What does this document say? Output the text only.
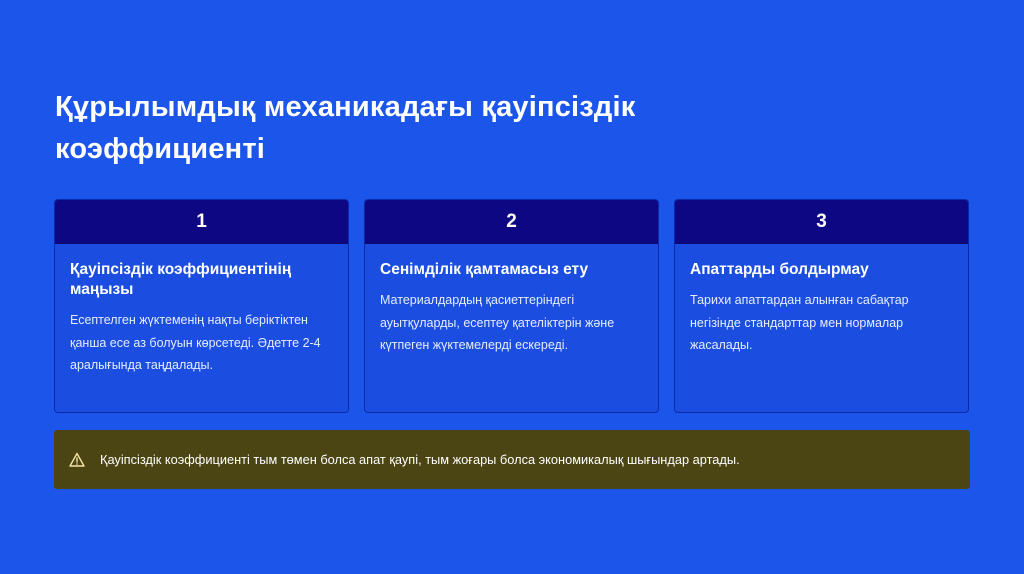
Құрылымдық механикадағы қауіпсіздік коэффициенті
1
Қауіпсіздік коэффициентінің маңызы
Есептелген жүктеменің нақты беріктіктен қанша есе аз болуын көрсетеді. Әдетте 2-4 аралығында таңдалады.
2
Сенімділік қамтамасыз ету
Материалдардың қасиеттеріндегі ауытқуларды, есептеу қателіктерін және күтпеген жүктемелерді ескереді.
3
Апаттарды болдырмау
Тарихи апаттардан алынған сабақтар негізінде стандарттар мен нормалар жасалады.
Қауіпсіздік коэффициенті тым төмен болса апат қаупі, тым жоғары болса экономикалық шығындар артады.
